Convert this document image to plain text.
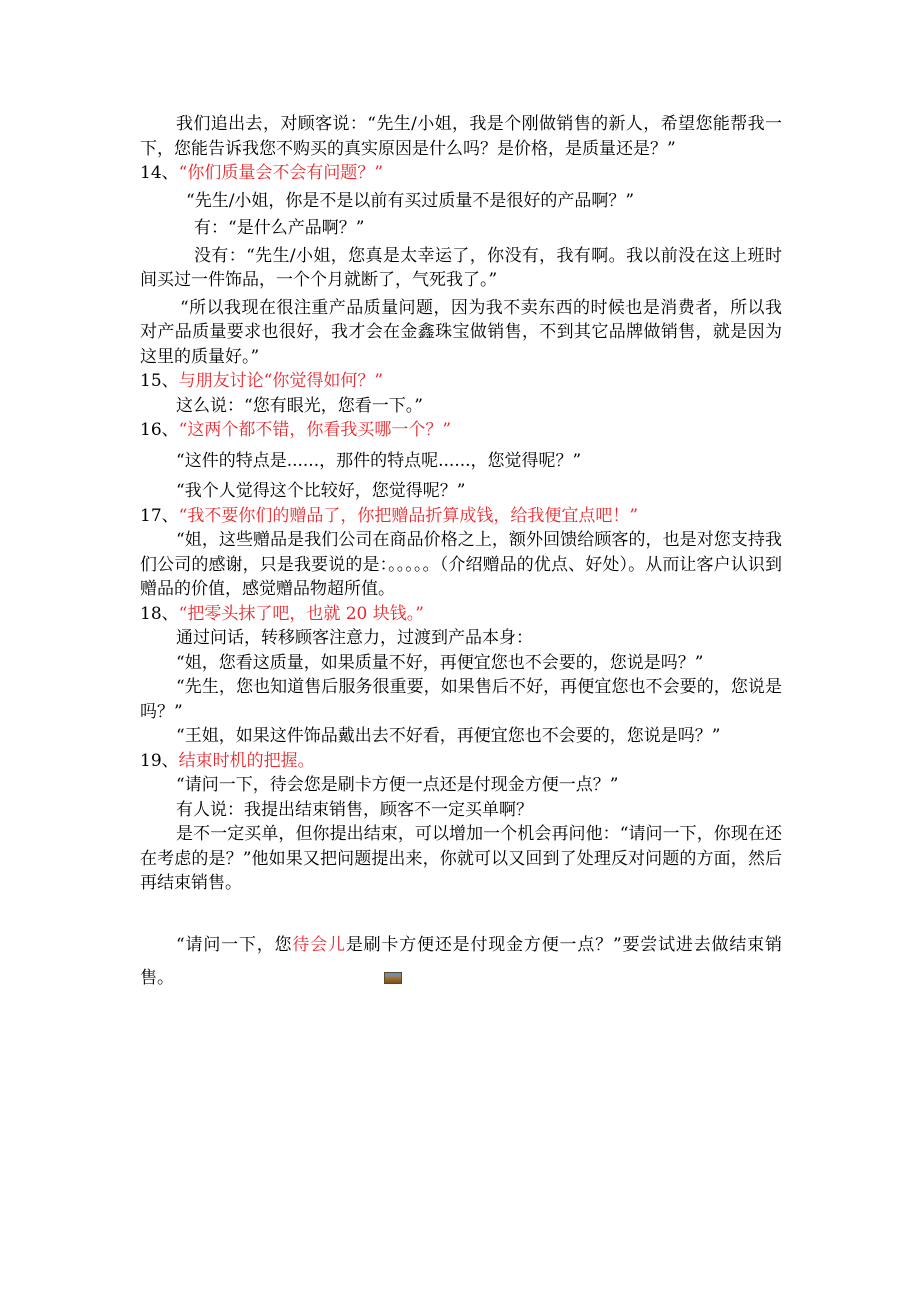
我们追出去，对顾客说：“先生/小姐，我是个刚做销售的新人，希望您能帮我一下，您能告诉我您不购买的真实原因是什么吗？是价格，是质量还是？”

14、“你们质量会不会有问题？”

“先生/小姐，你是不是以前有买过质量不是很好的产品啊？”

有：“是什么产品啊？”

没有：“先生/小姐，您真是太幸运了，你没有，我有啊。我以前没在这上班时间买过一件饰品，一个个月就断了，气死我了。”

“所以我现在很注重产品质量问题，因为我不卖东西的时候也是消费者，所以我对产品质量要求也很好，我才会在金鑫珠宝做销售，不到其它品牌做销售，就是因为这里的质量好。”

15、与朋友讨论“你觉得如何？”

这么说：“您有眼光，您看一下。”

16、“这两个都不错，你看我买哪一个？”

“这件的特点是......，那件的特点呢......，您觉得呢？”

“我个人觉得这个比较好，您觉得呢？”

17、“我不要你们的赠品了，你把赠品折算成钱，给我便宜点吧！”

“姐，这些赠品是我们公司在商品价格之上，额外回馈给顾客的，也是对您支持我们公司的感谢，只是我要说的是：。。。。。（介绍赠品的优点、好处）。从而让客户认识到赠品的价值，感觉赠品物超所值。

18、“把零头抹了吧，也就 20 块钱。”

通过问话，转移顾客注意力，过渡到产品本身：

“姐，您看这质量，如果质量不好，再便宜您也不会要的，您说是吗？”

“先生，您也知道售后服务很重要，如果售后不好，再便宜您也不会要的，您说是吗？”

“王姐，如果这件饰品戴出去不好看，再便宜您也不会要的，您说是吗？”

19、结束时机的把握。

“请问一下，待会您是刷卡方便一点还是付现金方便一点？”

有人说：我提出结束销售，顾客不一定买单啊？

是不一定买单，但你提出结束，可以增加一个机会再问他：“请问一下，你现在还在考虑的是？”他如果又把问题提出来，你就可以又回到了处理反对问题的方面，然后再结束销售。

“请问一下，您待会儿是刷卡方便还是付现金方便一点？”要尝试进去做结束销售。
